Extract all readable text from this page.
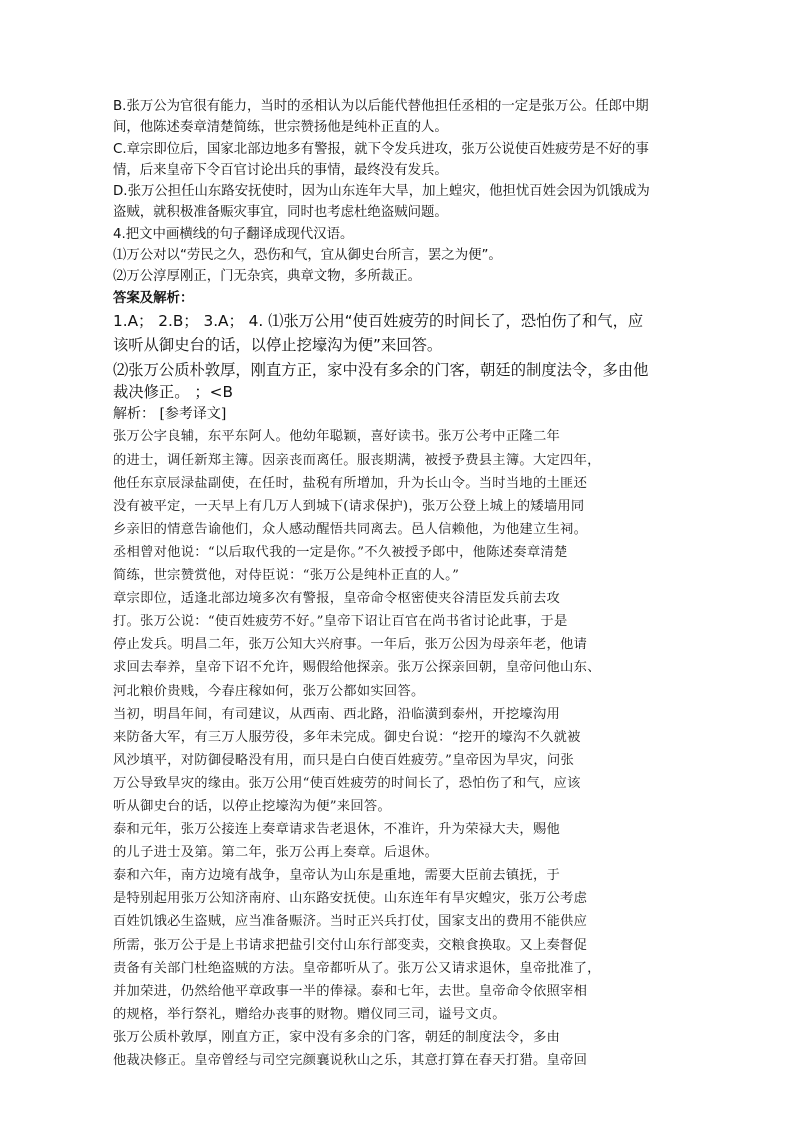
B.张万公为官很有能力，当时的丞相认为以后能代替他担任丞相的一定是张万公。任郎中期
间，他陈述奏章清楚简练，世宗赞扬他是纯朴正直的人。
C.章宗即位后，国家北部边地多有警报，就下令发兵进攻，张万公说使百姓疲劳是不好的事
情，后来皇帝下令百官讨论出兵的事情，最终没有发兵。
D.张万公担任山东路安抚使时，因为山东连年大旱，加上蝗灾，他担忧百姓会因为饥饿成为
盗贼，就积极准备赈灾事宜，同时也考虑杜绝盗贼问题。
4.把文中画横线的句子翻译成现代汉语。
⑴万公对以“劳民之久，恐伤和气，宜从御史台所言，罢之为便”。
⑵万公淳厚刚正，门无杂宾，典章文物，多所裁正。
答案及解析：
1.A； 2.B； 3.A； 4. ⑴张万公用“使百姓疲劳的时间长了，恐怕伤了和气，应
该听从御史台的话，以停止挖壕沟为便”来回答。
⑵张万公质朴敦厚，刚直方正，家中没有多余的门客，朝廷的制度法令，多由他
裁决修正。 ；<B
解析： [参考译文]
张万公字良辅，东平东阿人。他幼年聪颖，喜好读书。张万公考中正隆二年
的进士，调任新郑主簿。因亲丧而离任。服丧期满，被授予费县主簿。大定四年，
他任东京辰渌盐副使，在任时，盐税有所增加，升为长山令。当时当地的土匪还
没有被平定，一天早上有几万人到城下(请求保护)，张万公登上城上的矮墙用同
乡亲旧的情意告谕他们，众人感动醒悟共同离去。邑人信赖他，为他建立生祠。
丞相曾对他说：“以后取代我的一定是你。”不久被授予郎中，他陈述奏章清楚
简练，世宗赞赏他，对侍臣说：“张万公是纯朴正直的人。”
章宗即位，适逢北部边境多次有警报，皇帝命令枢密使夹谷清臣发兵前去攻
打。张万公说：“使百姓疲劳不好。”皇帝下诏让百官在尚书省讨论此事，于是
停止发兵。明昌二年，张万公知大兴府事。一年后，张万公因为母亲年老，他请
求回去奉养，皇帝下诏不允许，赐假给他探亲。张万公探亲回朝，皇帝问他山东、
河北粮价贵贱，今春庄稼如何，张万公都如实回答。
当初，明昌年间，有司建议，从西南、西北路，沿临潢到泰州，开挖壕沟用
来防备大军，有三万人服劳役，多年未完成。御史台说：“挖开的壕沟不久就被
风沙填平，对防御侵略没有用，而只是白白使百姓疲劳。”皇帝因为旱灾，问张
万公导致旱灾的缘由。张万公用“使百姓疲劳的时间长了，恐怕伤了和气，应该
听从御史台的话，以停止挖壕沟为便”来回答。
泰和元年，张万公接连上奏章请求告老退休，不准许，升为荣禄大夫，赐他
的儿子进士及第。第二年，张万公再上奏章。后退休。
泰和六年，南方边境有战争，皇帝认为山东是重地，需要大臣前去镇抚，于
是特别起用张万公知济南府、山东路安抚使。山东连年有旱灾蝗灾，张万公考虑
百姓饥饿必生盗贼，应当准备赈济。当时正兴兵打仗，国家支出的费用不能供应
所需，张万公于是上书请求把盐引交付山东行部变卖，交粮食换取。又上奏督促
责备有关部门杜绝盗贼的方法。皇帝都听从了。张万公又请求退休，皇帝批准了，
并加荣进，仍然给他平章政事一半的俸禄。泰和七年，去世。皇帝命令依照宰相
的规格，举行祭礼，赠给办丧事的财物。赠仪同三司，谥号文贞。
张万公质朴敦厚，刚直方正，家中没有多余的门客，朝廷的制度法令，多由
他裁决修正。皇帝曾经与司空完颜襄说秋山之乐，其意打算在春天打猎。皇帝回
